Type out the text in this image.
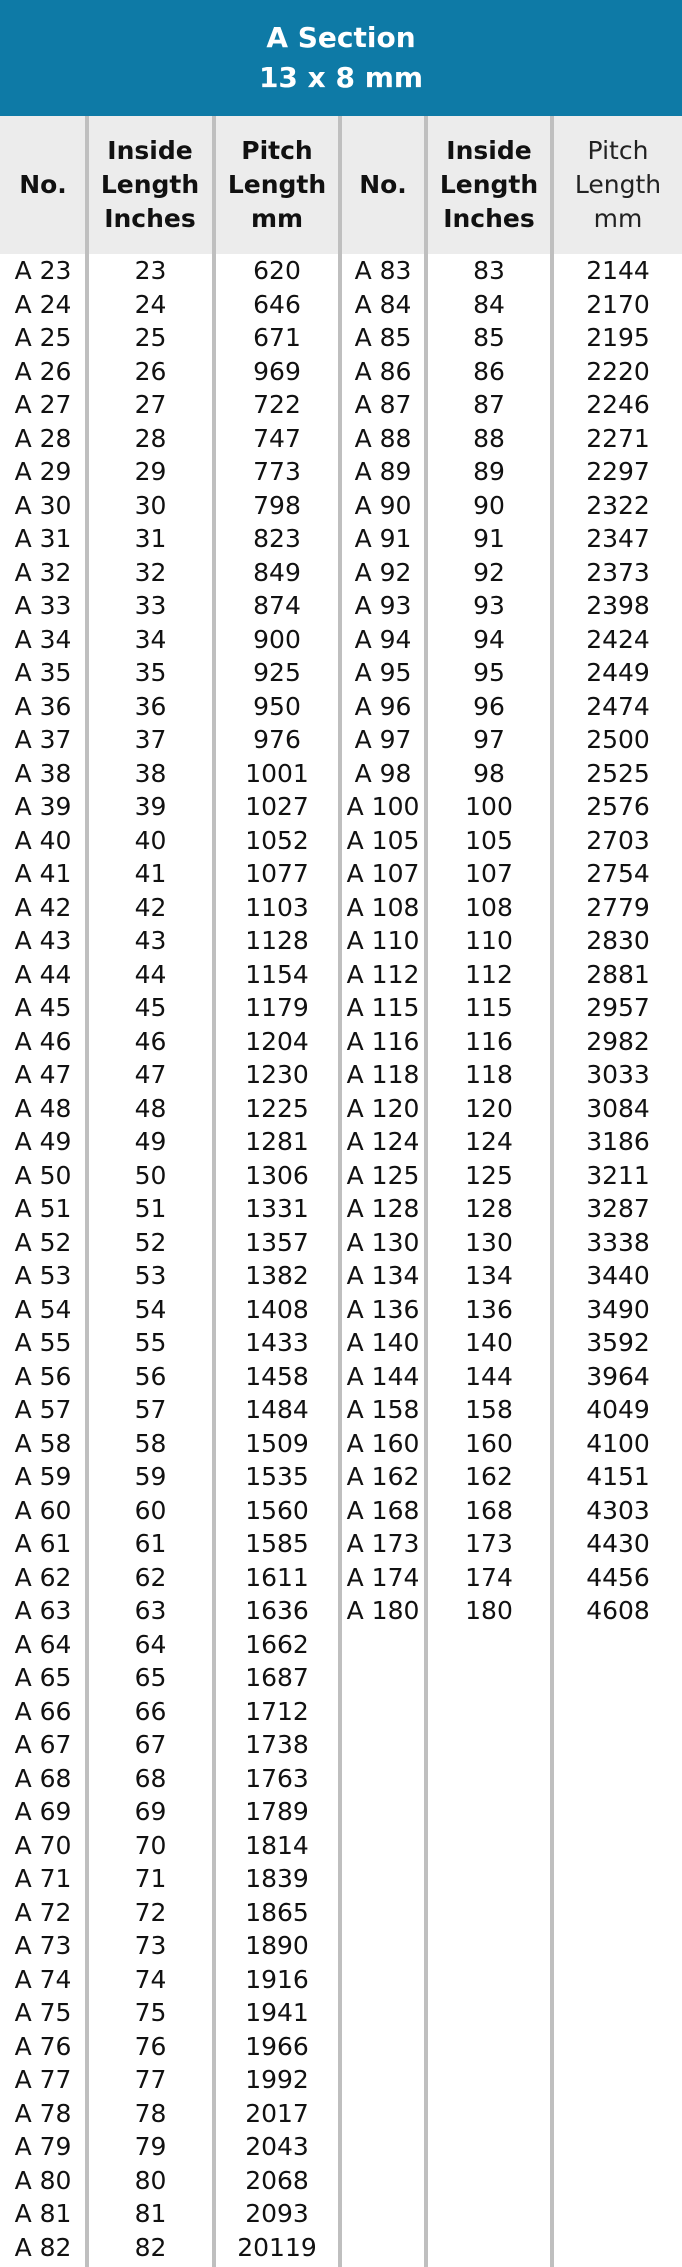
A Section
13 x 8 mm
No.
Inside
Length
Inches
Pitch
Length
mm
No.
Inside
Length
Inches
Pitch
Length
mm
A 23
A 24
A 25
A 26
A 27
A 28
A 29
A 30
A 31
A 32
A 33
A 34
A 35
A 36
A 37
A 38
A 39
A 40
A 41
A 42
A 43
A 44
A 45
A 46
A 47
A 48
A 49
A 50
A 51
A 52
A 53
A 54
A 55
A 56
A 57
A 58
A 59
A 60
A 61
A 62
A 63
A 64
A 65
A 66
A 67
A 68
A 69
A 70
A 71
A 72
A 73
A 74
A 75
A 76
A 77
A 78
A 79
A 80
A 81
A 82
23
24
25
26
27
28
29
30
31
32
33
34
35
36
37
38
39
40
41
42
43
44
45
46
47
48
49
50
51
52
53
54
55
56
57
58
59
60
61
62
63
64
65
66
67
68
69
70
71
72
73
74
75
76
77
78
79
80
81
82
620
646
671
969
722
747
773
798
823
849
874
900
925
950
976
1001
1027
1052
1077
1103
1128
1154
1179
1204
1230
1225
1281
1306
1331
1357
1382
1408
1433
1458
1484
1509
1535
1560
1585
1611
1636
1662
1687
1712
1738
1763
1789
1814
1839
1865
1890
1916
1941
1966
1992
2017
2043
2068
2093
20119
A 83
A 84
A 85
A 86
A 87
A 88
A 89
A 90
A 91
A 92
A 93
A 94
A 95
A 96
A 97
A 98
A 100
A 105
A 107
A 108
A 110
A 112
A 115
A 116
A 118
A 120
A 124
A 125
A 128
A 130
A 134
A 136
A 140
A 144
A 158
A 160
A 162
A 168
A 173
A 174
A 180
83
84
85
86
87
88
89
90
91
92
93
94
95
96
97
98
100
105
107
108
110
112
115
116
118
120
124
125
128
130
134
136
140
144
158
160
162
168
173
174
180
2144
2170
2195
2220
2246
2271
2297
2322
2347
2373
2398
2424
2449
2474
2500
2525
2576
2703
2754
2779
2830
2881
2957
2982
3033
3084
3186
3211
3287
3338
3440
3490
3592
3964
4049
4100
4151
4303
4430
4456
4608
